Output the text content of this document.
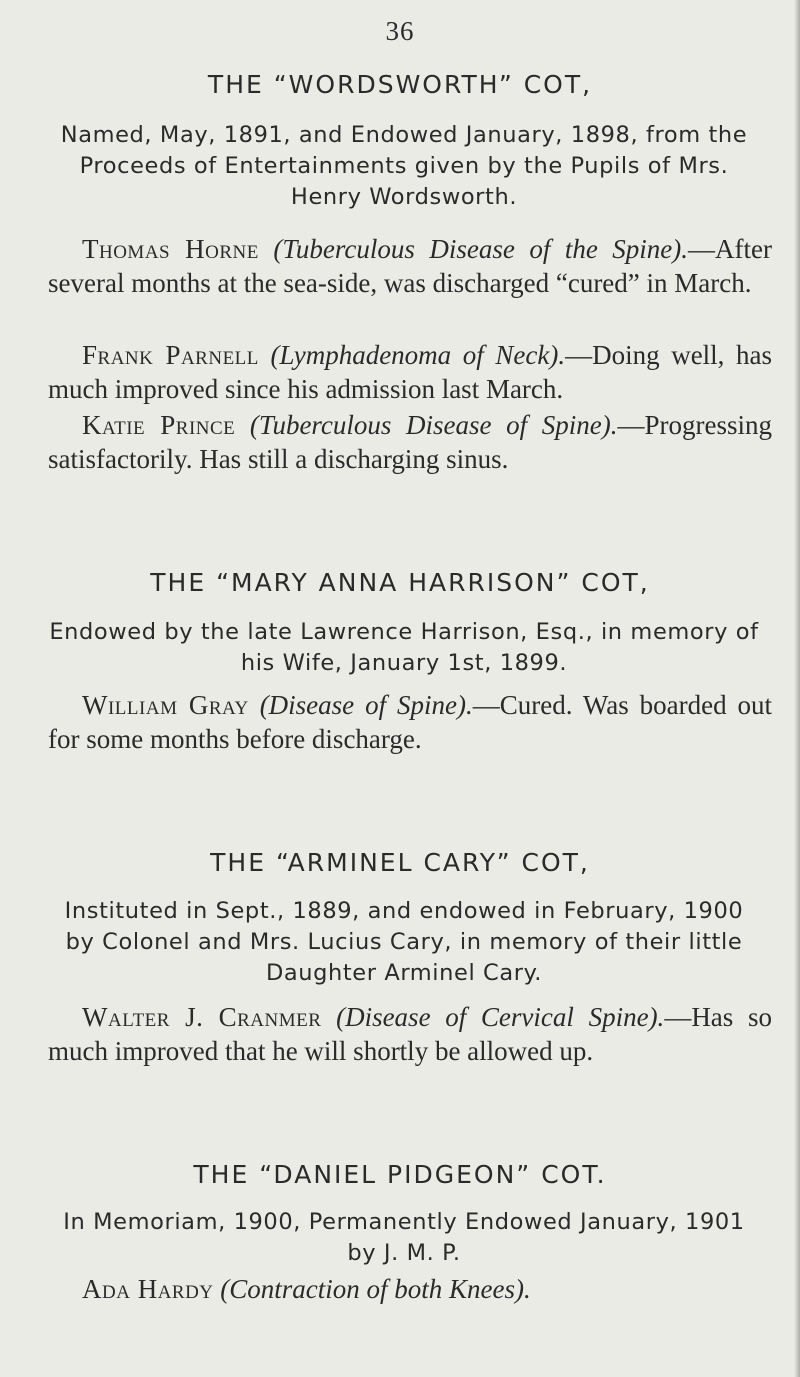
36
THE “WORDSWORTH” COT,
Named, May, 1891, and Endowed January, 1898, from the Proceeds of Entertainments given by the Pupils of Mrs. Henry Wordsworth.
Thomas Horne (Tuberculous Disease of the Spine).—After several months at the sea-side, was discharged “cured” in March.
Frank Parnell (Lymphadenoma of Neck).—Doing well, has much improved since his admission last March.
Katie Prince (Tuberculous Disease of Spine).—Progressing satisfactorily. Has still a discharging sinus.
THE “MARY ANNA HARRISON” COT,
Endowed by the late Lawrence Harrison, Esq., in memory of his Wife, January 1st, 1899.
William Gray (Disease of Spine).—Cured. Was boarded out for some months before discharge.
THE “ARMINEL CARY” COT,
Instituted in Sept., 1889, and endowed in February, 1900 by Colonel and Mrs. Lucius Cary, in memory of their little Daughter Arminel Cary.
Walter J. Cranmer (Disease of Cervical Spine).—Has so much improved that he will shortly be allowed up.
THE “DANIEL PIDGEON” COT.
In Memoriam, 1900, Permanently Endowed January, 1901 by J. M. P.
Ada Hardy (Contraction of both Knees).
